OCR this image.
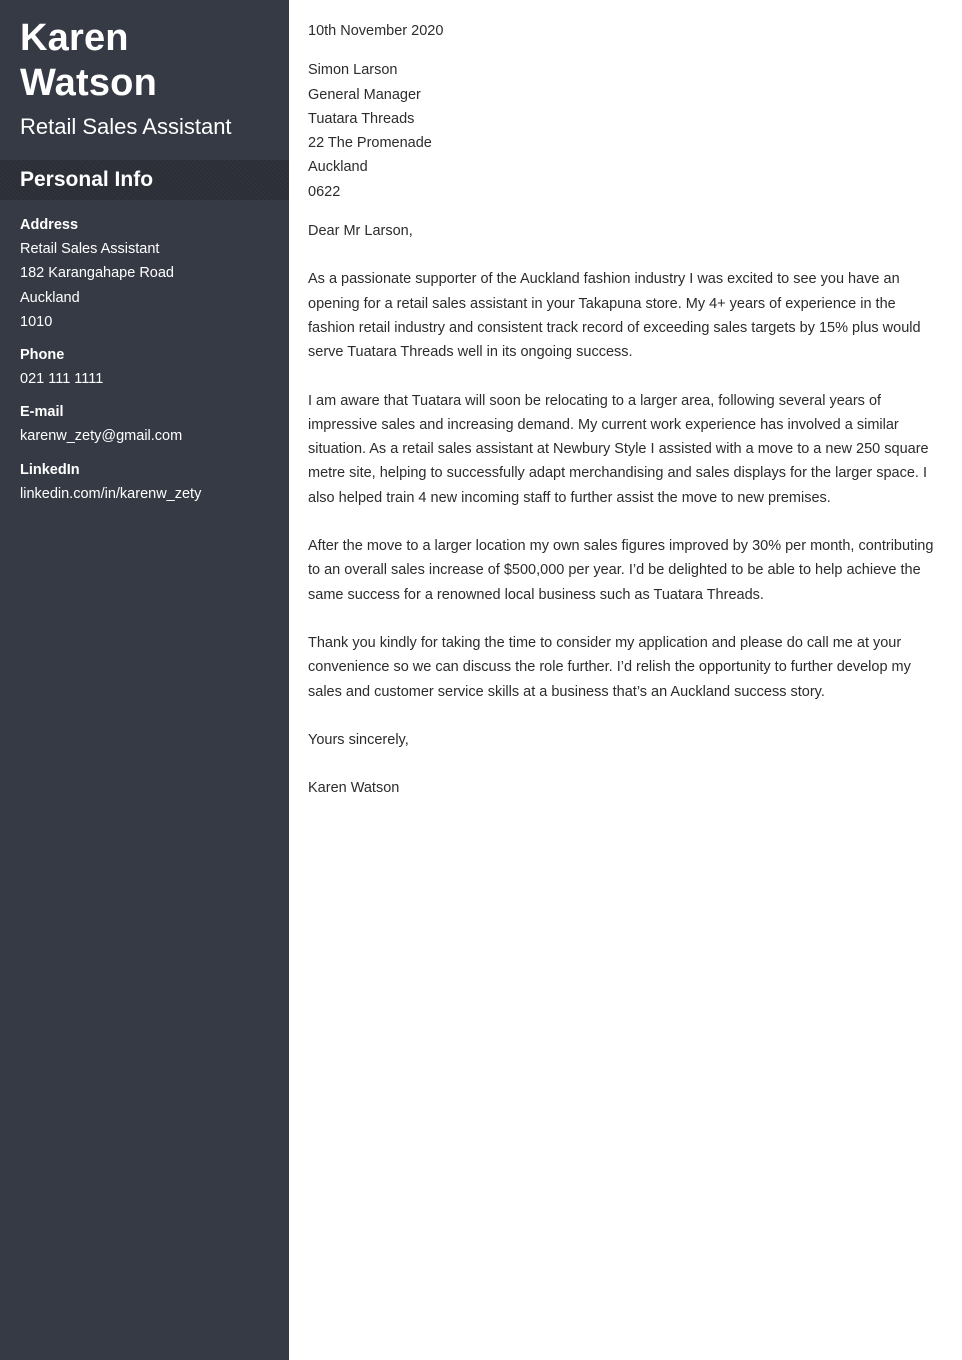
Karen
Watson
Retail Sales Assistant
Personal Info
Address
Retail Sales Assistant
182 Karangahape Road
Auckland
1010
Phone
021 111 1111
E-mail
karenw_zety@gmail.com
LinkedIn
linkedin.com/in/karenw_zety
10th November 2020
Simon Larson
General Manager
Tuatara Threads
22 The Promenade
Auckland
0622
Dear Mr Larson,

As a passionate supporter of the Auckland fashion industry I was excited to see you have an opening for a retail sales assistant in your Takapuna store. My 4+ years of experience in the fashion retail industry and consistent track record of exceeding sales targets by 15% plus would serve Tuatara Threads well in its ongoing success.

I am aware that Tuatara will soon be relocating to a larger area, following several years of impressive sales and increasing demand. My current work experience has involved a similar situation. As a retail sales assistant at Newbury Style I assisted with a move to a new 250 square metre site, helping to successfully adapt merchandising and sales displays for the larger space. I also helped train 4 new incoming staff to further assist the move to new premises.

After the move to a larger location my own sales figures improved by 30% per month, contributing to an overall sales increase of $500,000 per year. I’d be delighted to be able to help achieve the same success for a renowned local business such as Tuatara Threads.

Thank you kindly for taking the time to consider my application and please do call me at your convenience so we can discuss the role further. I’d relish the opportunity to further develop my sales and customer service skills at a business that’s an Auckland success story.

Yours sincerely,
Karen Watson
